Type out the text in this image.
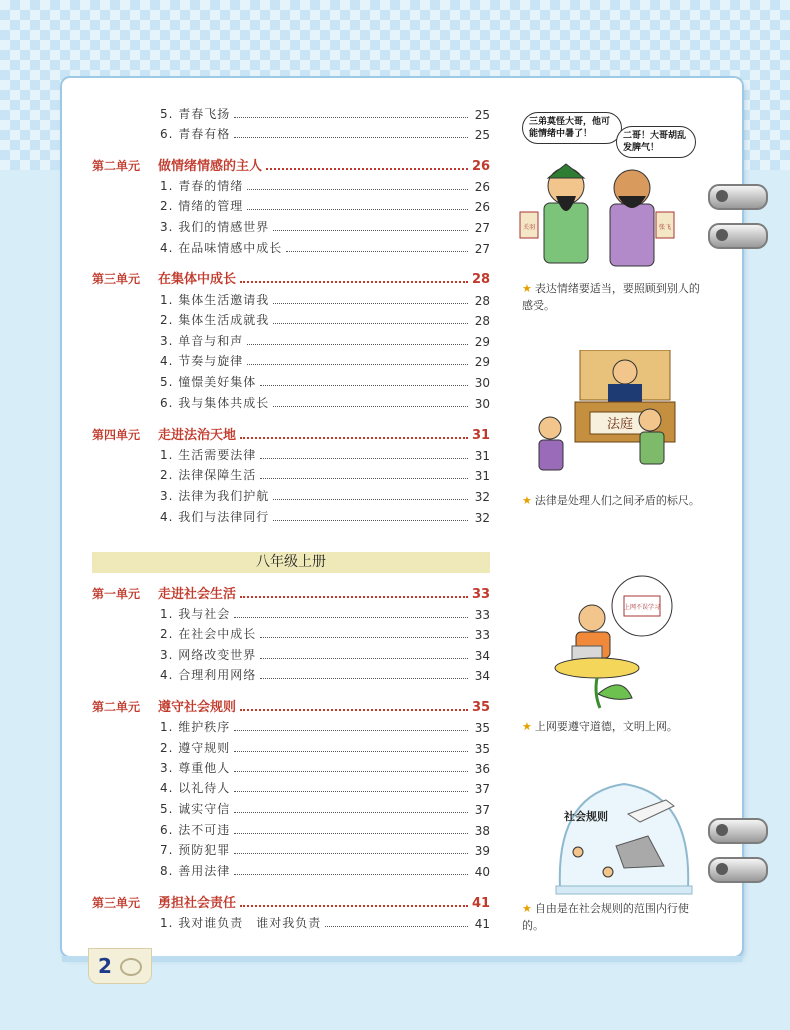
5. 青春飞扬	25
6. 青春有格	25
第二单元	做情绪情感的主人	26
1. 青春的情绪	26
2. 情绪的管理	26
3. 我们的情感世界	27
4. 在品味情感中成长	27
第三单元	在集体中成长	28
1. 集体生活邀请我	28
2. 集体生活成就我	28
3. 单音与和声	29
4. 节奏与旋律	29
5. 憧憬美好集体	30
6. 我与集体共成长	30
第四单元	走进法治天地	31
1. 生活需要法律	31
2. 法律保障生活	31
3. 法律为我们护航	32
4. 我们与法律同行	32
第一单元	走进社会生活	33
1. 我与社会	33
2. 在社会中成长	33
3. 网络改变世界	34
4. 合理利用网络	34
第二单元	遵守社会规则	35
1. 维护秩序	35
2. 遵守规则	35
3. 尊重他人	36
4. 以礼待人	37
5. 诚实守信	37
6. 法不可违	38
7. 预防犯罪	39
8. 善用法律	40
第三单元	勇担社会责任	41
1. 我对谁负责　谁对我负责	41
关羽	张飞
三弟莫怪大哥，他可能情绪中暑了！	二哥！大哥胡乱发脾气！
★ 表达情绪要适当，要照顾到别人的感受。
法庭
★ 法律是处理人们之间矛盾的标尺。
上网不误学习
★ 上网要遵守道德，文明上网。
社会规则
★ 自由是在社会规则的范围内行使的。
2
八年级上册
